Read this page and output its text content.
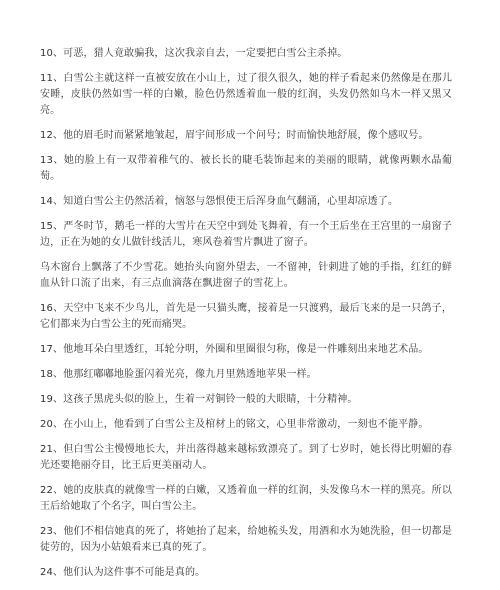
10、可恶，猎人竟敢骗我，这次我亲自去，一定要把白雪公主杀掉。

11、白雪公主就这样一直被安放在小山上，过了很久很久，她的样子看起来仍然像是在那儿安睡，皮肤仍然如雪一样的白嫩，脸色仍然透着血一般的红润，头发仍然如乌木一样又黑又亮。

12、他的眉毛时而紧紧地皱起，眉宇间形成一个问号；时而愉快地舒展，像个感叹号。

13、她的脸上有一双带着稚气的、被长长的睫毛装饰起来的美丽的眼睛，就像两颗水晶葡萄。

14、知道白雪公主仍然活着，恼怒与怨恨使王后浑身血气翻涌，心里却凉透了。

15、严冬时节，鹅毛一样的大雪片在天空中到处飞舞着，有一个王后坐在王宫里的一扇窗子边，正在为她的女儿做针线活儿，寒风卷着雪片飘进了窗子。

乌木窗台上飘落了不少雪花。她抬头向窗外望去，一不留神，针刺进了她的手指，红红的鲜血从针口流了出来，有三点血滴落在飘进窗子的雪花上。

16、天空中飞来不少鸟儿，首先是一只猫头鹰，接着是一只渡鸦，最后飞来的是一只鸽子，它们都来为白雪公主的死而痛哭。

17、他地耳朵白里透红，耳轮分明，外圈和里圈很匀称，像是一件雕刻出来地艺术品。

18、他那红嘟嘟地脸蛋闪着光亮，像九月里熟透地苹果一样。

19、这孩子黑虎头似的脸上，生着一对铜铃一般的大眼睛，十分精神。

20、在小山上，他看到了白雪公主及棺材上的铭文，心里非常激动，一刻也不能平静。

21、但白雪公主慢慢地长大，并出落得越来越标致漂亮了。到了七岁时，她长得比明媚的春光还要艳丽夺目，比王后更美丽动人。

22、她的皮肤真的就像雪一样的白嫩，又透着血一样的红润，头发像乌木一样的黑亮。所以王后给她取了个名字，叫白雪公主。

23、他们不相信她真的死了，将她抬了起来，给她梳头发，用酒和水为她洗脸，但一切都是徒劳的，因为小姑娘看来已真的死了。

24、他们认为这件事不可能是真的。
